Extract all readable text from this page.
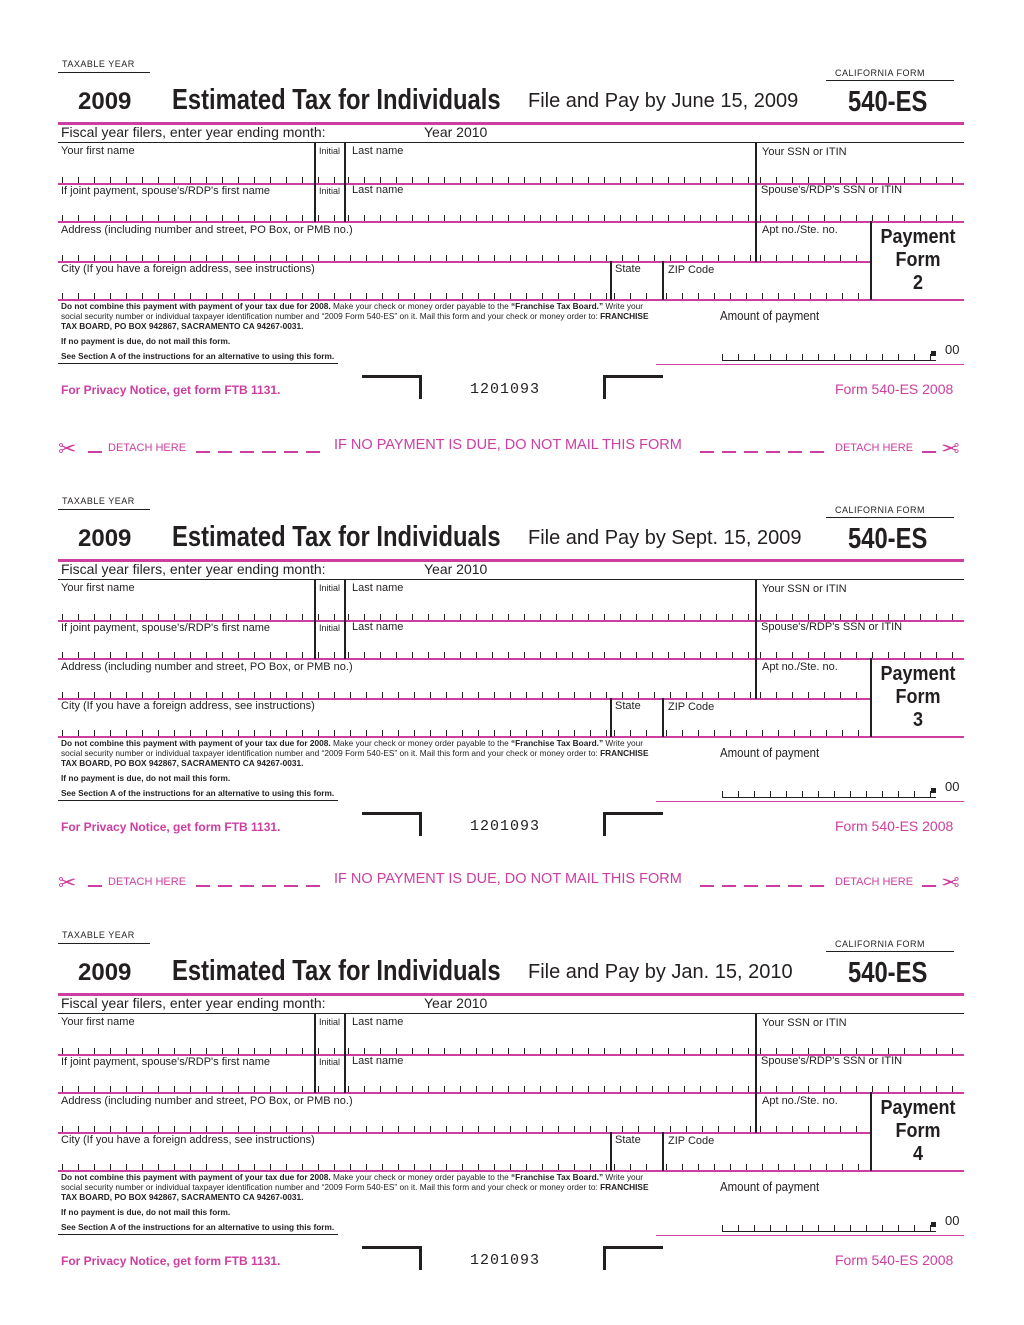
TAXABLE YEAR
CALIFORNIA FORM
2009 Estimated Tax for Individuals File and Pay by June 15, 2009 540-ES
Fiscal year filers, enter year ending month:	Year 2010
Your first name	Initial Last name	Your SSN or ITIN
If joint payment, spouse's/RDP's first name	Initial Last name	Spouse's/RDP's SSN or ITIN
Address (including number and street, PO Box, or PMB no.)	Apt no./Ste. no.
City (If you have a foreign address, see instructions)	State ZIP Code
Payment
Form
2
Do not combine this payment with payment of your tax due for 2008. Make your check or money order payable to the “Franchise Tax Board.” Write your social security number or individual taxpayer identification number and “2009 Form 540-ES” on it. Mail this form and your check or money order to: FRANCHISE TAX BOARD, PO BOX 942867, SACRAMENTO CA 94267-0031.
If no payment is due, do not mail this form.
See Section A of the instructions for an alternative to using this form.
Amount of payment
00
For Privacy Notice, get form FTB 1131.	1201093	Form 540-ES 2008
TAXABLE YEAR
CALIFORNIA FORM
2009 Estimated Tax for Individuals File and Pay by Sept. 15, 2009 540-ES
Fiscal year filers, enter year ending month:	Year 2010
Your first name	Initial Last name	Your SSN or ITIN
If joint payment, spouse's/RDP's first name	Initial Last name	Spouse's/RDP's SSN or ITIN
Address (including number and street, PO Box, or PMB no.)	Apt no./Ste. no.
City (If you have a foreign address, see instructions)	State ZIP Code
Payment
Form
3
Do not combine this payment with payment of your tax due for 2008. Make your check or money order payable to the “Franchise Tax Board.” Write your social security number or individual taxpayer identification number and “2009 Form 540-ES” on it. Mail this form and your check or money order to: FRANCHISE TAX BOARD, PO BOX 942867, SACRAMENTO CA 94267-0031.
If no payment is due, do not mail this form.
See Section A of the instructions for an alternative to using this form.
Amount of payment
00
For Privacy Notice, get form FTB 1131.	1201093	Form 540-ES 2008
TAXABLE YEAR
CALIFORNIA FORM
2009 Estimated Tax for Individuals File and Pay by Jan. 15, 2010 540-ES
Fiscal year filers, enter year ending month:	Year 2010
Your first name	Initial Last name	Your SSN or ITIN
If joint payment, spouse's/RDP's first name	Initial Last name	Spouse's/RDP's SSN or ITIN
Address (including number and street, PO Box, or PMB no.)	Apt no./Ste. no.
City (If you have a foreign address, see instructions)	State ZIP Code
Payment
Form
4
Do not combine this payment with payment of your tax due for 2008. Make your check or money order payable to the “Franchise Tax Board.” Write your social security number or individual taxpayer identification number and “2009 Form 540-ES” on it. Mail this form and your check or money order to: FRANCHISE TAX BOARD, PO BOX 942867, SACRAMENTO CA 94267-0031.
If no payment is due, do not mail this form.
See Section A of the instructions for an alternative to using this form.
Amount of payment
00
For Privacy Notice, get form FTB 1131.	1201093	Form 540-ES 2008
✂	DETACH HERE	IF NO PAYMENT IS DUE, DO NOT MAIL THIS FORM	DETACH HERE ✂
✂	DETACH HERE	IF NO PAYMENT IS DUE, DO NOT MAIL THIS FORM	DETACH HERE ✂
